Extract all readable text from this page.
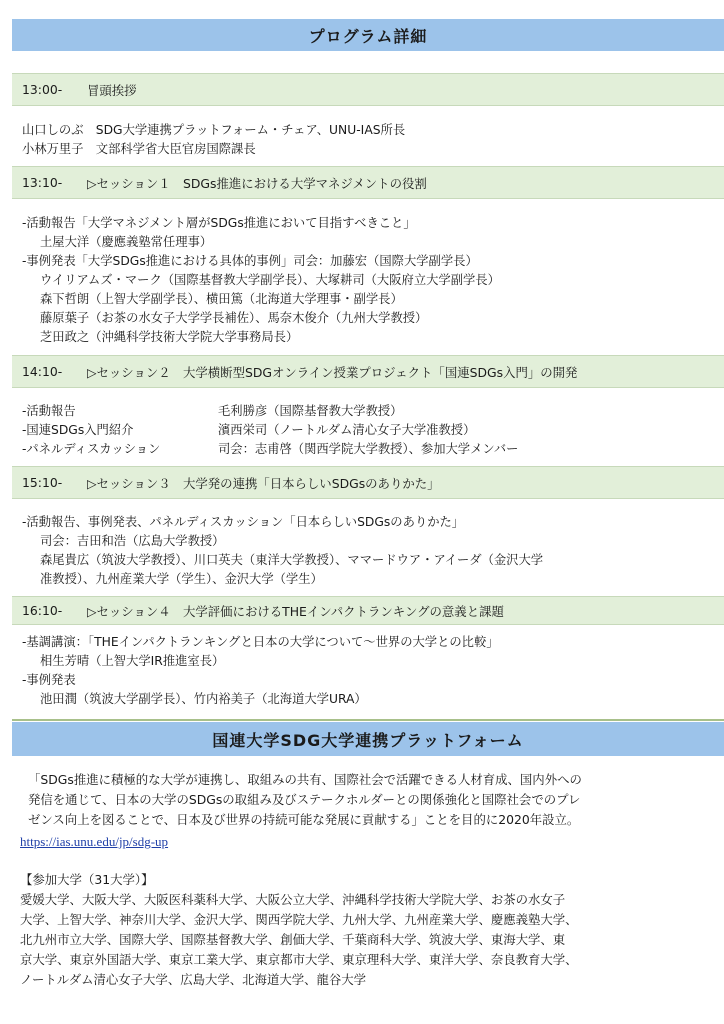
プログラム詳細
13:00-	冒頭挨拶
山口しのぶ　SDG大学連携プラットフォーム・チェア、UNU-IAS所長
小林万里子　文部科学省大臣官房国際課長
13:10-	▷セッション１　SDGs推進における大学マネジメントの役割
-活動報告「大学マネジメント層がSDGs推進において目指すべきこと」
土屋大洋（慶應義塾常任理事）
-事例発表「大学SDGs推進における具体的事例」司会：加藤宏（国際大学副学長）
ウイリアムズ・マーク（国際基督教大学副学長）、大塚耕司（大阪府立大学副学長）
森下哲朗（上智大学副学長）、横田篤（北海道大学理事・副学長）
藤原葉子（お茶の水女子大学学長補佐）、馬奈木俊介（九州大学教授）
芝田政之（沖縄科学技術大学院大学事務局長）
14:10-	▷セッション２　大学横断型SDGオンライン授業プロジェクト「国連SDGs入門」の開発
-活動報告	毛利勝彦（国際基督教大学教授）
-国連SDGs入門紹介	濱西栄司（ノートルダム清心女子大学准教授）
-パネルディスカッション	司会：志甫啓（関西学院大学教授）、参加大学メンバー
15:10-	▷セッション３　大学発の連携「日本らしいSDGsのありかた」
-活動報告、事例発表、パネルディスカッション「日本らしいSDGsのありかた」
司会：吉田和浩（広島大学教授）
森尾貴広（筑波大学教授）、川口英夫（東洋大学教授）、ママードウア・アイーダ（金沢大学
准教授）、九州産業大学（学生）、金沢大学（学生）
16:10-	▷セッション４　大学評価におけるTHEインパクトランキングの意義と課題
-基調講演：「THEインパクトランキングと日本の大学について〜世界の大学との比較」
相生芳晴（上智大学IR推進室長）
-事例発表
池田潤（筑波大学副学長）、竹内裕美子（北海道大学URA）
国連大学SDG大学連携プラットフォーム

「SDGs推進に積極的な大学が連携し、取組みの共有、国際社会で活躍できる人材育成、国内外への

発信を通じて、日本の大学のSDGsの取組み及びステークホルダーとの関係強化と国際社会でのプレ

ゼンス向上を図ることで、日本及び世界の持続可能な発展に貢献する」ことを目的に2020年設立。

https://ias.unu.edu/jp/sdg-up

【参加大学（31大学）】

愛媛大学、大阪大学、大阪医科薬科大学、大阪公立大学、沖縄科学技術大学院大学、お茶の水女子

大学、上智大学、神奈川大学、金沢大学、関西学院大学、九州大学、九州産業大学、慶應義塾大学、

北九州市立大学、国際大学、国際基督教大学、創価大学、千葉商科大学、筑波大学、東海大学、東

京大学、東京外国語大学、東京工業大学、東京都市大学、東京理科大学、東洋大学、奈良教育大学、

ノートルダム清心女子大学、広島大学、北海道大学、龍谷大学
